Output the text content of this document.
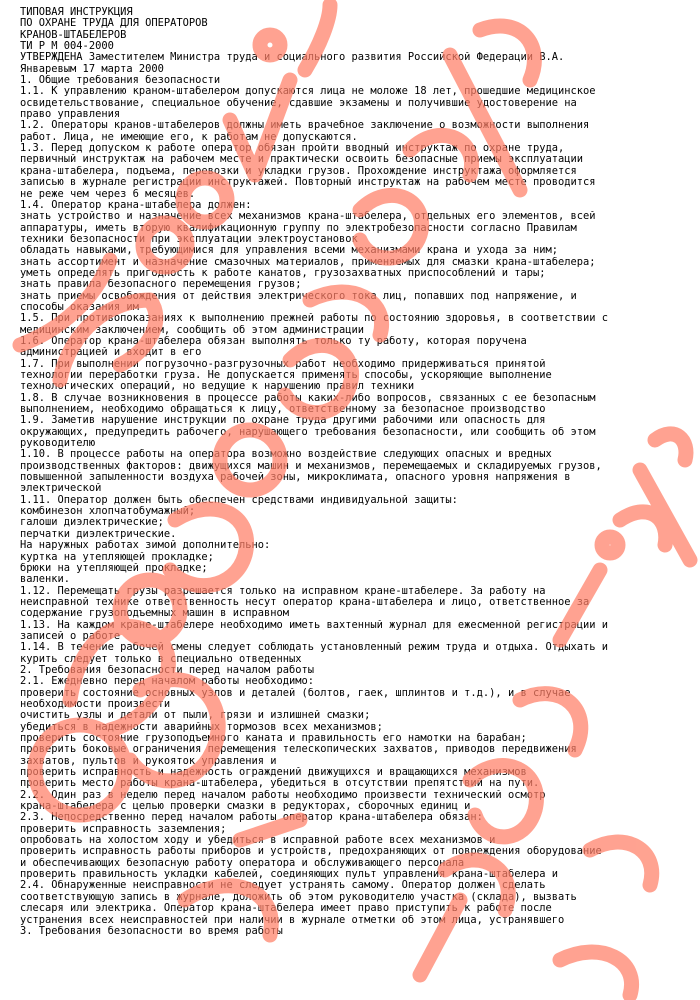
ТИПОВАЯ ИНСТРУКЦИЯ
ПО ОХРАНЕ ТРУДА ДЛЯ ОПЕРАТОРОВ
КРАНОВ-ШТАБЕЛЕРОВ
ТИ Р М 004-2000
УТВЕРЖДЕНА Заместителем Министра труда и социального развития Российской Федерации В.А.
Январевым 17 марта 2000
1. Общие требования безопасности
1.1. К управлению краном-штабелером допускаются лица не моложе 18 лет, прошедшие медицинское
освидетельствование, специальное обучение, сдавшие экзамены и получившие удостоверение на
право управления
1.2. Операторы кранов-штабелеров должны иметь врачебное заключение о возможности выполнения
работ. Лица, не имеющие его, к работам не допускаются.
1.3. Перед допуском к работе оператор обязан пройти вводный инструктаж по охране труда,
первичный инструктаж на рабочем месте и практически освоить безопасные приемы эксплуатации
крана-штабелера, подъема, перевозки и укладки грузов. Прохождение инструктажа оформляется
записью в журнале регистрации инструктажей. Повторный инструктаж на рабочем месте проводится
не реже чем через 6 месяцев.
1.4. Оператор крана-штабелера должен:
знать устройство и назначение всех механизмов крана-штабелера, отдельных его элементов, всей
аппаратуры, иметь вторую квалификационную группу по электробезопасности согласно Правилам
техники безопасности при эксплуатации электроустановок
обладать навыками, требующимися для управления всеми механизмами крана и ухода за ним;
знать ассортимент и назначение смазочных материалов, применяемых для смазки крана-штабелера;
уметь определять пригодность к работе канатов, грузозахватных приспособлений и тары;
знать правила безопасного перемещения грузов;
знать приемы освобождения от действия электрического тока лиц, попавших под напряжение, и
способы оказания им
1.5. При противопоказаниях к выполнению прежней работы по состоянию здоровья, в соответствии с
медицинским заключением, сообщить об этом администрации
1.6. Оператор крана-штабелера обязан выполнять только ту работу, которая поручена
администрацией и входит в его
1.7. При выполнении погрузочно-разгрузочных работ необходимо придерживаться принятой
технологии переработки груза. Не допускается применять способы, ускоряющие выполнение
технологических операций, но ведущие к нарушению правил техники
1.8. В случае возникновения в процессе работы каких-либо вопросов, связанных с ее безопасным
выполнением, необходимо обращаться к лицу, ответственному за безопасное производство
1.9. Заметив нарушение инструкции по охране труда другими рабочими или опасность для
окружающих, предупредить рабочего, нарушающего требования безопасности, или сообщить об этом
руководителю
1.10. В процессе работы на оператора возможно воздействие следующих опасных и вредных
производственных факторов: движущихся машин и механизмов, перемещаемых и складируемых грузов,
повышенной запыленности воздуха рабочей зоны, микроклимата, опасного уровня напряжения в
электрической
1.11. Оператор должен быть обеспечен средствами индивидуальной защиты:
комбинезон хлопчатобумажный;
галоши диэлектрические;
перчатки диэлектрические.
На наружных работах зимой дополнительно:
куртка на утепляющей прокладке;
брюки на утепляющей прокладке;
валенки.
1.12. Перемещать грузы разрешается только на исправном кране-штабелере. За работу на
неисправной технике ответственность несут оператор крана-штабелера и лицо, ответственное за
содержание грузоподъемных машин в исправном
1.13. На каждом кране-штабелере необходимо иметь вахтенный журнал для ежесменной регистрации и
записей о работе
1.14. В течение рабочей смены следует соблюдать установленный режим труда и отдыха. Отдыхать и
курить следует только в специально отведенных
2. Требования безопасности перед началом работы
2.1. Ежедневно перед началом работы необходимо:
проверить состояние основных узлов и деталей (болтов, гаек, шплинтов и т.д.), и в случае
необходимости произвести
очистить узлы и детали от пыли, грязи и излишней смазки;
убедиться в надежности аварийных тормозов всех механизмов;
проверить состояние грузоподъемного каната и правильность его намотки на барабан;
проверить боковые ограничения перемещения телескопических захватов, приводов передвижения
захватов, пультов и рукояток управления и
проверить исправность и надежность ограждений движущихся и вращающихся механизмов
проверить место работы крана-штабелера, убедиться в отсутствии препятствий на пути.
2.2. Один раз в неделю перед началом работы необходимо произвести технический осмотр
крана-штабелера с целью проверки смазки в редукторах, сборочных единиц и
2.3. Непосредственно перед началом работы оператор крана-штабелера обязан:
проверить исправность заземления;
опробовать на холостом ходу и убедиться в исправной работе всех механизмов и
проверить исправность работы приборов и устройств, предохраняющих от повреждения оборудование
и обеспечивающих безопасную работу оператора и обслуживающего персонала
проверить правильность укладки кабелей, соединяющих пульт управления крана-штабелера и
2.4. Обнаруженные неисправности не следует устранять самому. Оператор должен сделать
соответствующую запись в журнале, доложить об этом руководителю участка (склада), вызвать
слесаря или электрика. Оператор крана-штабелера имеет право приступить к работе после
устранения всех неисправностей при наличии в журнале отметки об этом лица, устранявшего
3. Требования безопасности во время работы
